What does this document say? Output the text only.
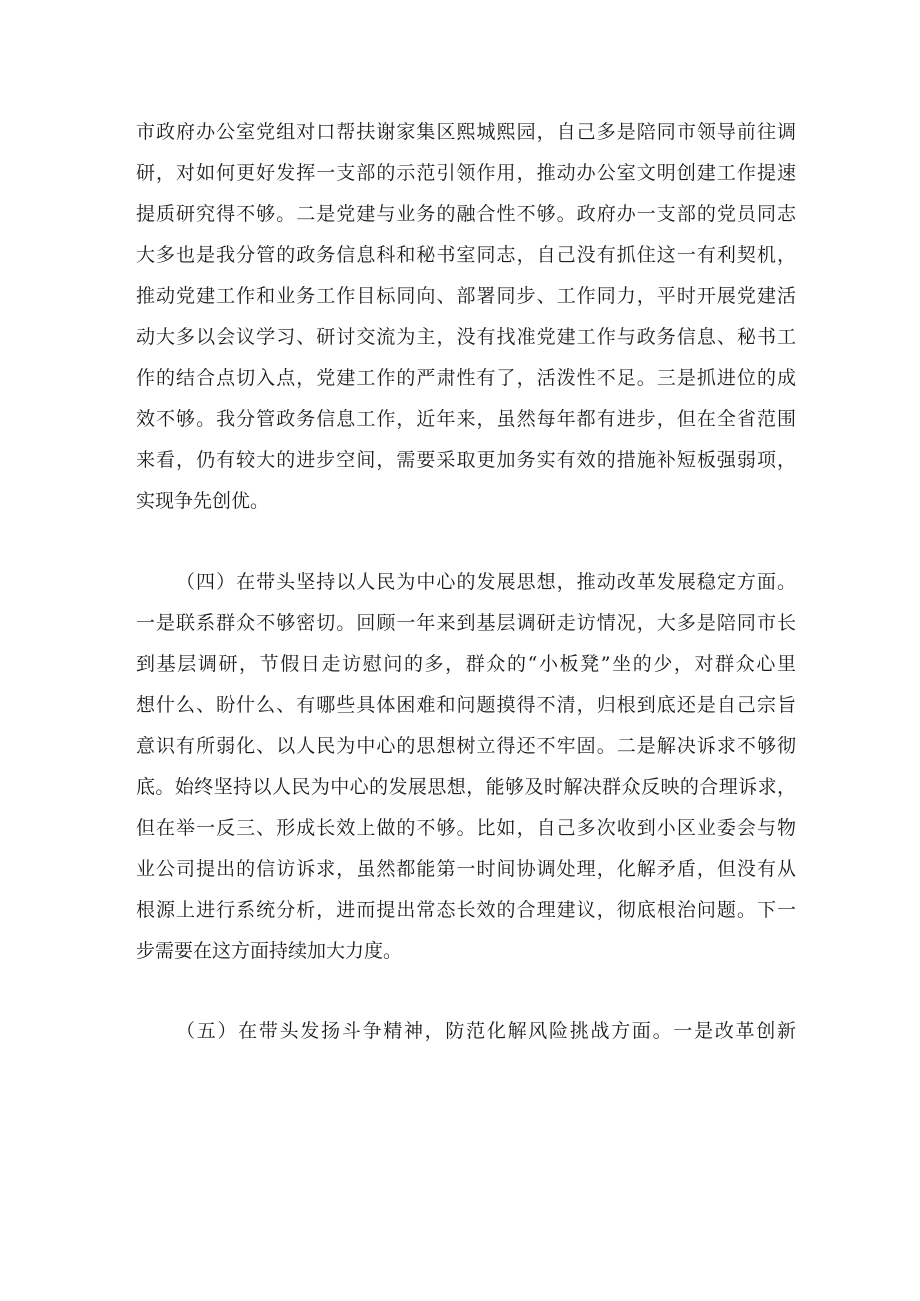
市政府办公室党组对口帮扶谢家集区熙城熙园，自己多是陪同市领导前往调
研，对如何更好发挥一支部的示范引领作用，推动办公室文明创建工作提速
提质研究得不够。二是党建与业务的融合性不够。政府办一支部的党员同志
大多也是我分管的政务信息科和秘书室同志，自己没有抓住这一有利契机，
推动党建工作和业务工作目标同向、部署同步、工作同力，平时开展党建活
动大多以会议学习、研讨交流为主，没有找准党建工作与政务信息、秘书工
作的结合点切入点，党建工作的严肃性有了，活泼性不足。三是抓进位的成
效不够。我分管政务信息工作，近年来，虽然每年都有进步，但在全省范围
来看，仍有较大的进步空间，需要采取更加务实有效的措施补短板强弱项，
实现争先创优。
（四）在带头坚持以人民为中心的发展思想，推动改革发展稳定方面。
一是联系群众不够密切。回顾一年来到基层调研走访情况，大多是陪同市长
到基层调研，节假日走访慰问的多，群众的“小板凳”坐的少，对群众心里
想什么、盼什么、有哪些具体困难和问题摸得不清，归根到底还是自己宗旨
意识有所弱化、以人民为中心的思想树立得还不牢固。二是解决诉求不够彻
底。始终坚持以人民为中心的发展思想，能够及时解决群众反映的合理诉求，
但在举一反三、形成长效上做的不够。比如，自己多次收到小区业委会与物
业公司提出的信访诉求，虽然都能第一时间协调处理，化解矛盾，但没有从
根源上进行系统分析，进而提出常态长效的合理建议，彻底根治问题。下一
步需要在这方面持续加大力度。
（五）在带头发扬斗争精神，防范化解风险挑战方面。一是改革创新
